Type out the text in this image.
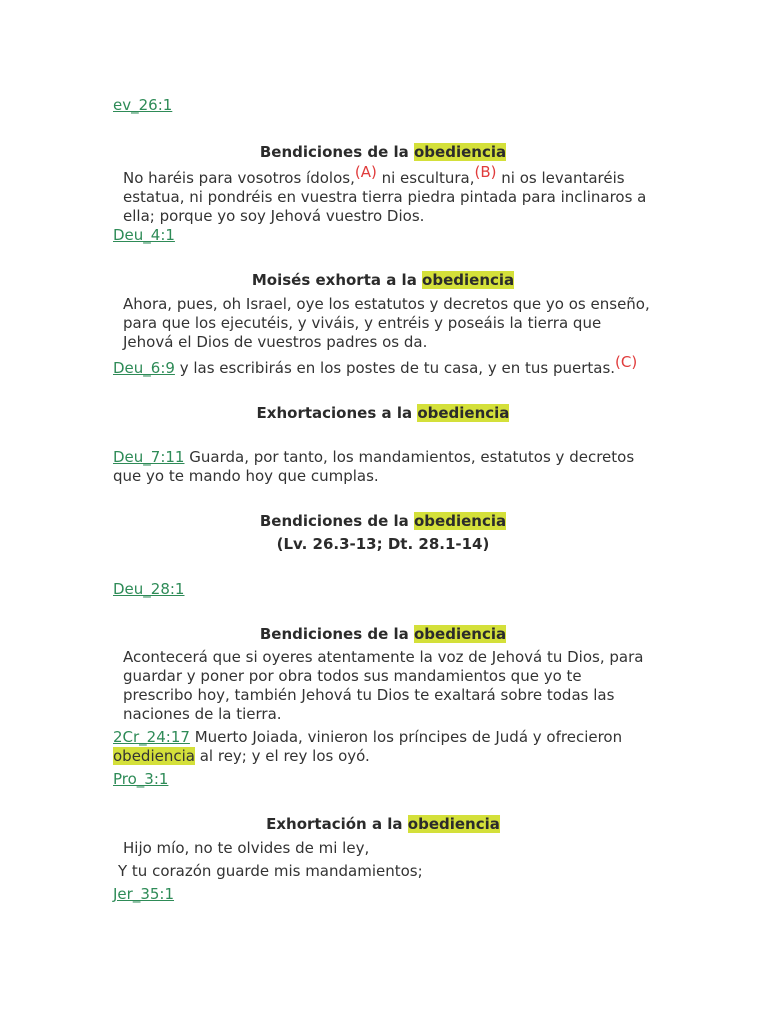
ev_26:1

Bendiciones de la obediencia

No haréis para vosotros ídolos,$^{(A)}$ ni escultura,$^{(B)}$ ni os levantaréis estatua, ni pondréis en vuestra tierra piedra pintada para inclinaros a ella; porque yo soy Jehová vuestro Dios.

Deu_4:1

Moisés exhorta a la obediencia

Ahora, pues, oh Israel, oye los estatutos y decretos que yo os enseño, para que los ejecutéis, y viváis, y entréis y poseáis la tierra que Jehová el Dios de vuestros padres os da.

Deu_6:9 y las escribirás en los postes de tu casa, y en tus puertas.$^{(C)}$

Exhortaciones a la obediencia

Deu_7:11 Guarda, por tanto, los mandamientos, estatutos y decretos que yo te mando hoy que cumplas.

Bendiciones de la obediencia

(Lv. 26.3-13; Dt. 28.1-14)

Deu_28:1

Bendiciones de la obediencia

Acontecerá que si oyeres atentamente la voz de Jehová tu Dios, para guardar y poner por obra todos sus mandamientos que yo te prescribo hoy, también Jehová tu Dios te exaltará sobre todas las naciones de la tierra.

2Cr_24:17 Muerto Joiada, vinieron los príncipes de Judá y ofrecieron obediencia al rey; y el rey los oyó.

Pro_3:1

Exhortación a la obediencia

Hijo mío, no te olvides de mi ley,

Y tu corazón guarde mis mandamientos;

Jer_35:1
